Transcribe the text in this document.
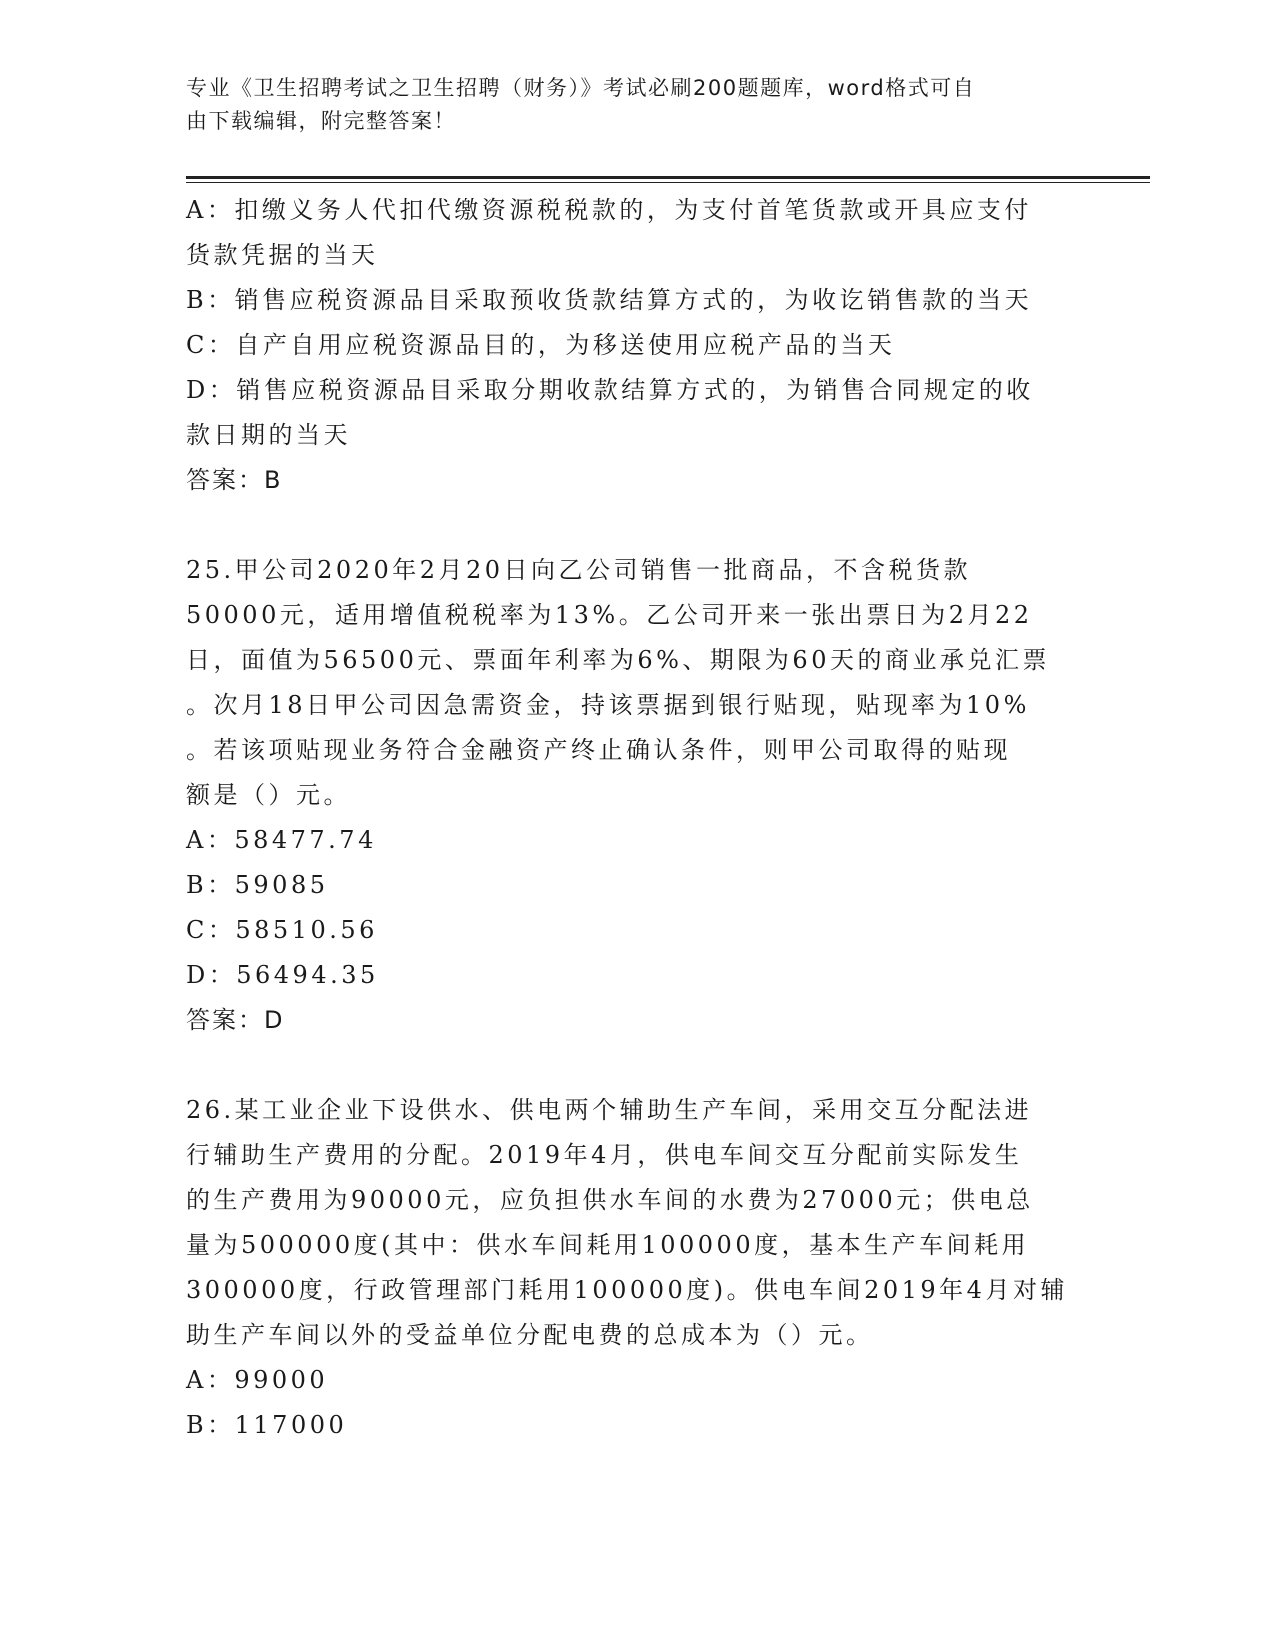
专业《卫生招聘考试之卫生招聘（财务）》考试必刷200题题库，word格式可自
由下载编辑，附完整答案！
A：扣缴义务人代扣代缴资源税税款的，为支付首笔货款或开具应支付
货款凭据的当天
B：销售应税资源品目采取预收货款结算方式的，为收讫销售款的当天
C：自产自用应税资源品目的，为移送使用应税产品的当天
D：销售应税资源品目采取分期收款结算方式的，为销售合同规定的收
款日期的当天
答案：B
25.甲公司2020年2月20日向乙公司销售一批商品，不含税货款
50000元，适用增值税税率为13%。乙公司开来一张出票日为2月22
日，面值为56500元、票面年利率为6%、期限为60天的商业承兑汇票
。次月18日甲公司因急需资金，持该票据到银行贴现，贴现率为10%
。若该项贴现业务符合金融资产终止确认条件，则甲公司取得的贴现
额是（）元。
A：58477.74
B：59085
C：58510.56
D：56494.35
答案：D
26.某工业企业下设供水、供电两个辅助生产车间，采用交互分配法进
行辅助生产费用的分配。2019年4月，供电车间交互分配前实际发生
的生产费用为90000元，应负担供水车间的水费为27000元；供电总
量为500000度(其中：供水车间耗用100000度，基本生产车间耗用
300000度，行政管理部门耗用100000度)。供电车间2019年4月对辅
助生产车间以外的受益单位分配电费的总成本为（）元。
A：99000
B：117000
